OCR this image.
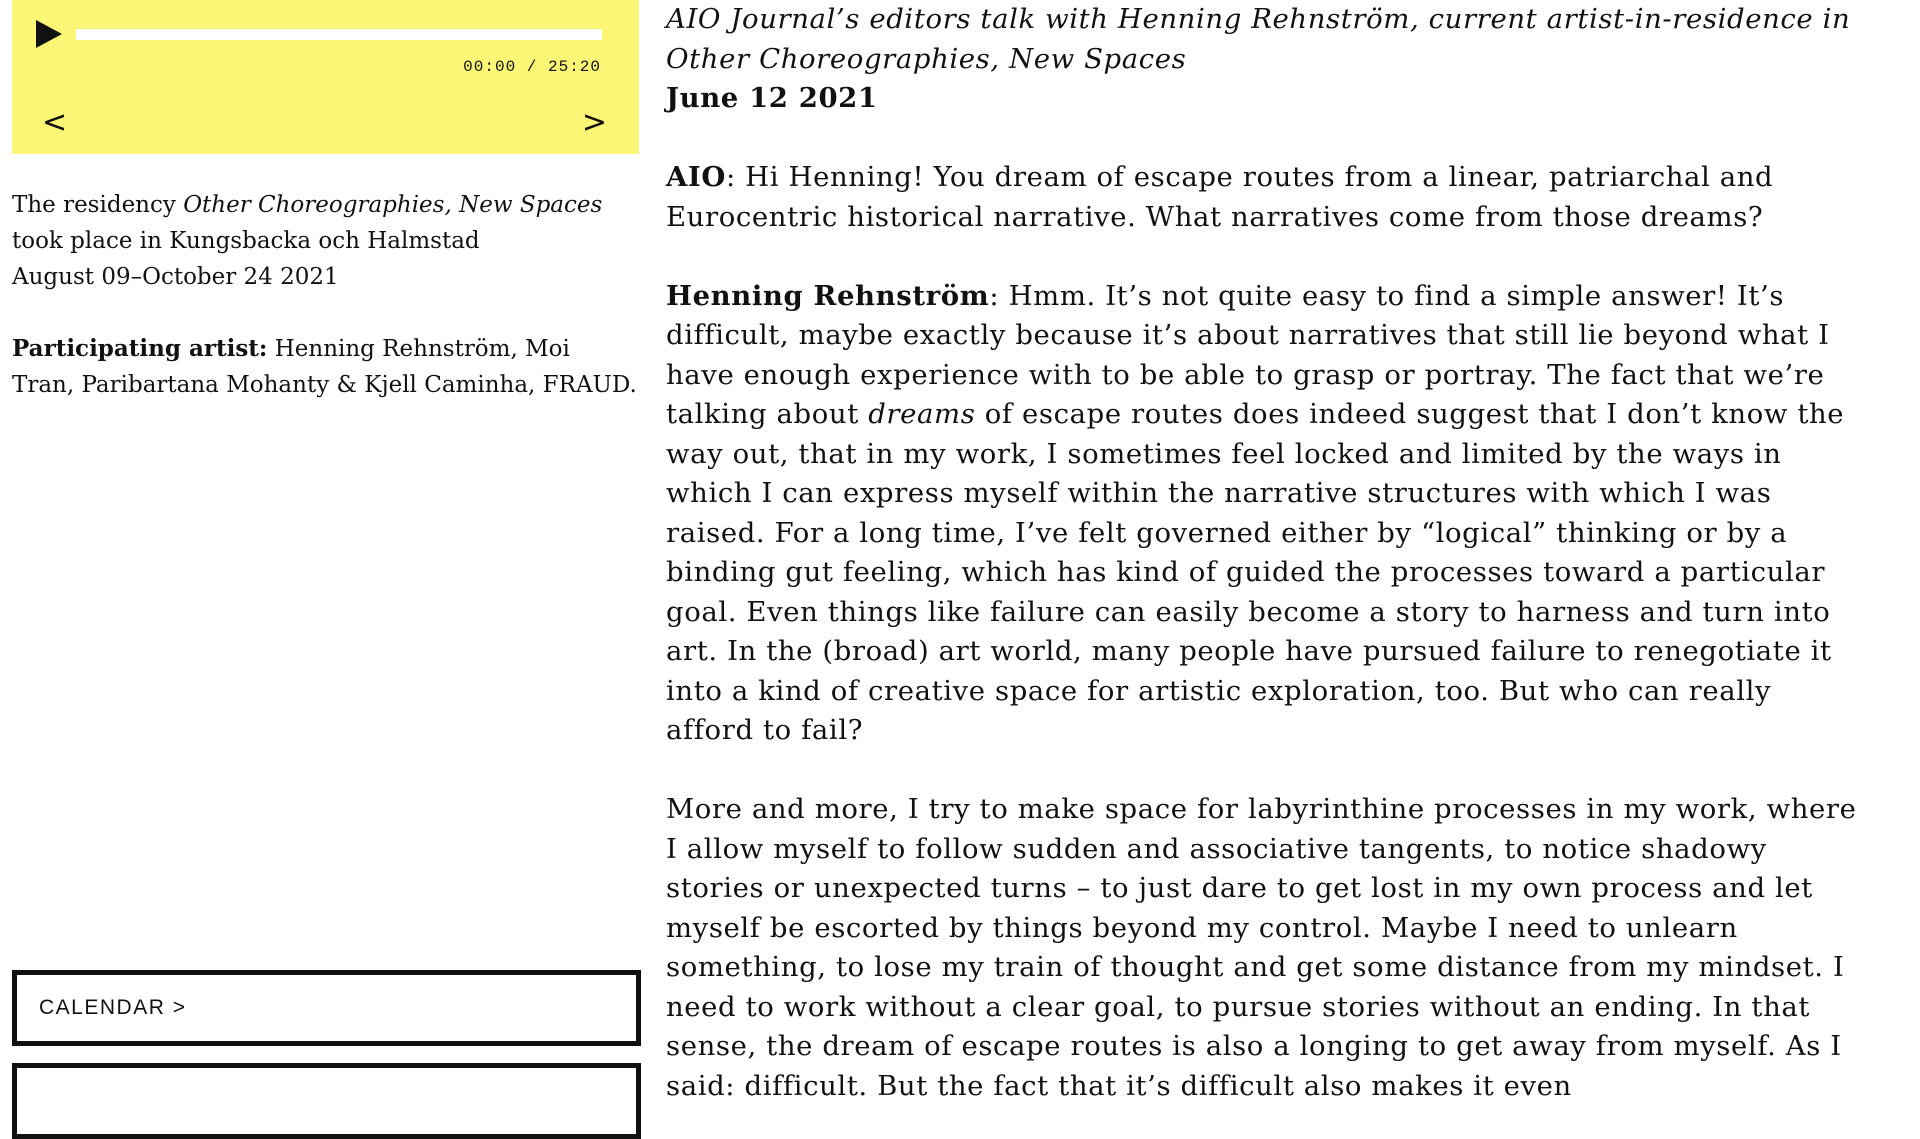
00:00 / 25:20
<	>

The residency Other Choreographies, New Spaces took place in Kungsbacka och Halmstad

August 09–October 24 2021

Participating artist: Henning Rehnström, Moi Tran, Paribartana Mohanty & Kjell Caminha, FRAUD.

CALENDAR >

AIO Journal’s editors talk with Henning Rehnström, current artist-in-residence in Other Choreographies, New Spaces

June 12 2021

AIO: Hi Henning! You dream of escape routes from a linear, patriarchal and Eurocentric historical narrative. What narratives come from those dreams?

Henning Rehnström: Hmm. It’s not quite easy to find a simple answer! It’s difficult, maybe exactly because it’s about narratives that still lie beyond what I have enough experience with to be able to grasp or portray. The fact that we’re talking about dreams of escape routes does indeed suggest that I don’t know the way out, that in my work, I sometimes feel locked and limited by the ways in which I can express myself within the narrative structures with which I was raised. For a long time, I’ve felt governed either by “logical” thinking or by a binding gut feeling, which has kind of guided the processes toward a particular goal. Even things like failure can easily become a story to harness and turn into art. In the (broad) art world, many people have pursued failure to renegotiate it into a kind of creative space for artistic exploration, too. But who can really afford to fail?

More and more, I try to make space for labyrinthine processes in my work, where I allow myself to follow sudden and associative tangents, to notice shadowy stories or unexpected turns – to just dare to get lost in my own process and let myself be escorted by things beyond my control. Maybe I need to unlearn something, to lose my train of thought and get some distance from my mindset. I need to work without a clear goal, to pursue stories without an ending. In that sense, the dream of escape routes is also a longing to get away from myself. As I said: difficult. But the fact that it’s difficult also makes it even
